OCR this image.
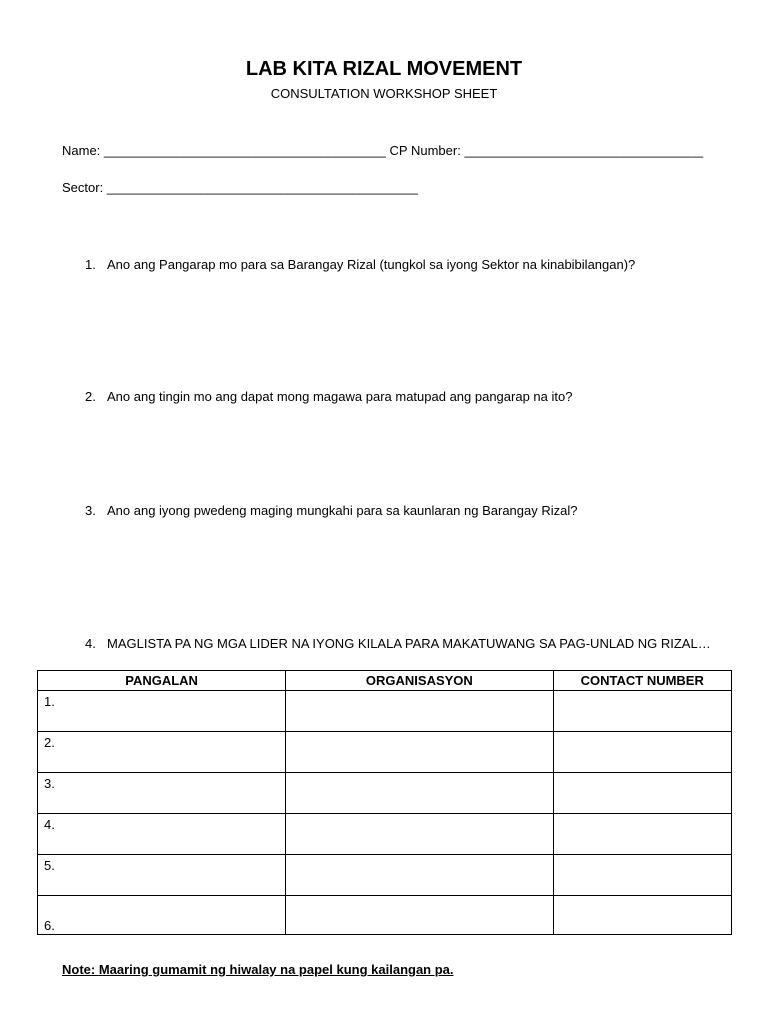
LAB KITA RIZAL MOVEMENT
CONSULTATION WORKSHOP SHEET
Name: _______________________________________ CP Number: _________________________________
Sector: ___________________________________________
1. Ano ang Pangarap mo para sa Barangay Rizal (tungkol sa iyong Sektor na kinabibilangan)?
2. Ano ang tingin mo ang dapat mong magawa para matupad ang pangarap na ito?
3. Ano ang iyong pwedeng maging mungkahi para sa kaunlaran ng Barangay Rizal?
4. MAGLISTA PA NG MGA LIDER NA IYONG KILALA PARA MAKATUWANG SA PAG-UNLAD NG RIZAL…
PANGALAN	ORGANISASYON	CONTACT NUMBER
1.		
2.		
3.		
4.		
5.		
6.		
Note: Maaring gumamit ng hiwalay na papel kung kailangan pa.
